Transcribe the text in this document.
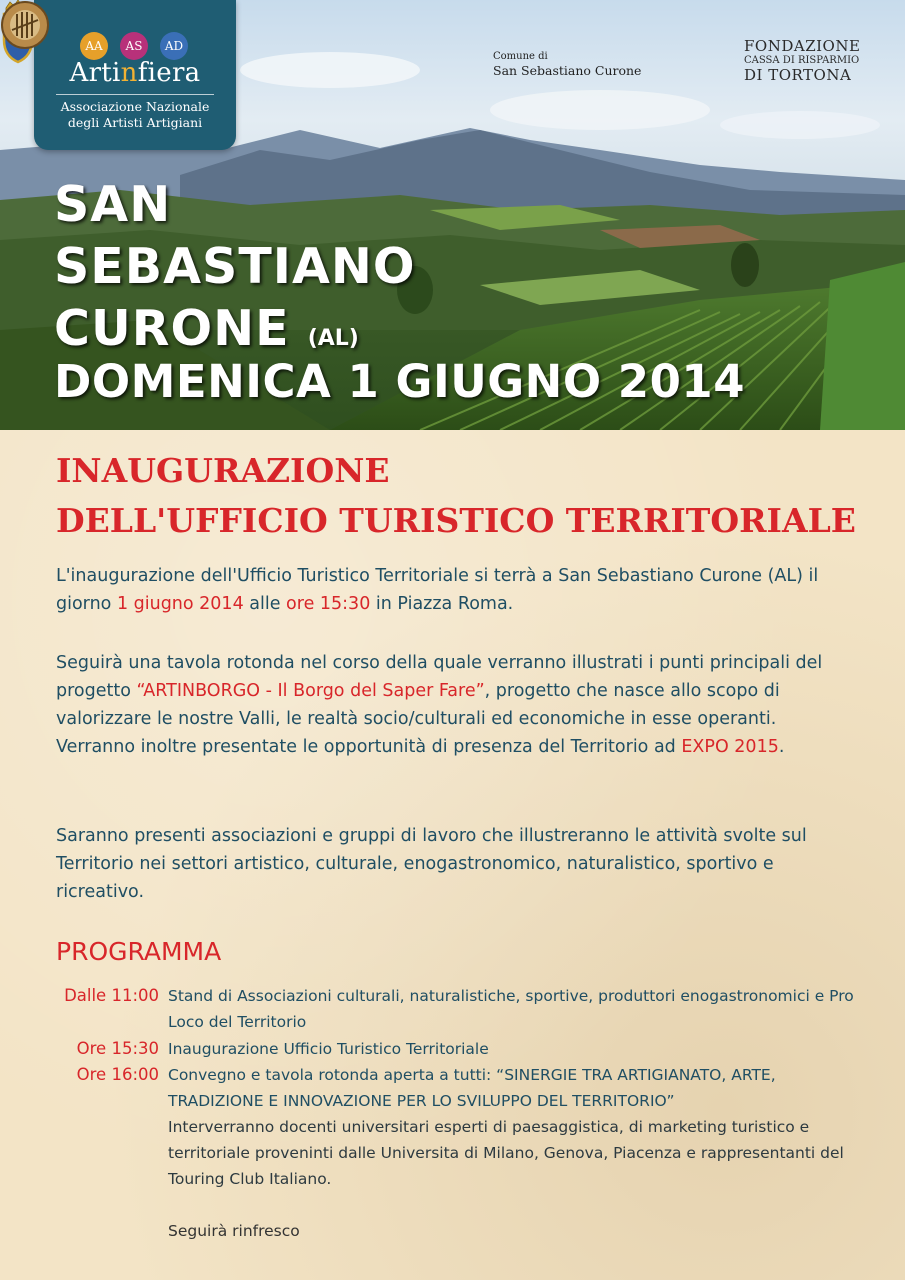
AA	AS	AD
Artinfiera
Associazione Nazionale
degli Artisti Artigiani
Comune di
San Sebastiano Curone
FONDAZIONE
CASSA DI RISPARMIO
DI TORTONA
SAN
SEBASTIANO
CURONE (AL)
DOMENICA 1 GIUGNO 2014
INAUGURAZIONE
DELL'UFFICIO TURISTICO TERRITORIALE
L'inaugurazione dell'Ufficio Turistico Territoriale si terrà a San Sebastiano Curone (AL) il giorno 1 giugno 2014 alle ore 15:30 in Piazza Roma.
Seguirà una tavola rotonda nel corso della quale verranno illustrati i punti principali del progetto “ARTINBORGO - Il Borgo del Saper Fare”, progetto che nasce allo scopo di valorizzare le nostre Valli, le realtà socio/culturali ed economiche in esse operanti. Verranno inoltre presentate le opportunità di presenza del Territorio ad EXPO 2015.
Saranno presenti associazioni e gruppi di lavoro che illustreranno le attività svolte sul Territorio nei settori artistico, culturale, enogastronomico, naturalistico, sportivo e ricreativo.
PROGRAMMA
Dalle 11:00 Stand di Associazioni culturali, naturalistiche, sportive, produttori enogastronomici e Pro Loco del Territorio
Ore 15:30 Inaugurazione Ufficio Turistico Territoriale
Ore 16:00 Convegno e tavola rotonda aperta a tutti: “SINERGIE TRA ARTIGIANATO, ARTE, TRADIZIONE E INNOVAZIONE PER LO SVILUPPO DEL TERRITORIO”
Interverranno docenti universitari esperti di paesaggistica, di marketing turistico e territoriale proveninti dalle Universita di Milano, Genova, Piacenza e rappresentanti del Touring Club Italiano.
Seguirà rinfresco
